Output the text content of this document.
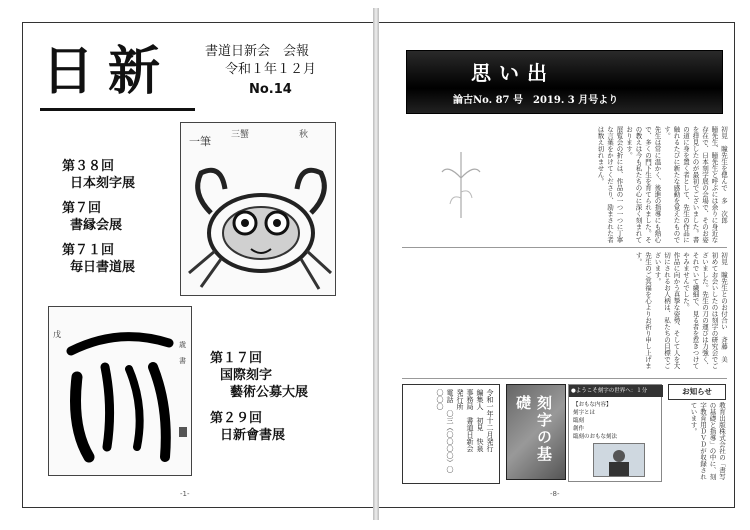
日新 書道日新会　会報
令和１年１２月
No.14
一筆 三蟹	秋
第３８回
日本刻字展
第７回
書縁会展
第７１回
毎日書道展
戊
歳
書 第１７回
国際刻字
藝術公募大展
第２９回
日新會書展
-1-
思い出
論古No. 87 号　2019. 3 月号より
初見　瞳先生を偲んで　多　次郎
瞳先生、瞳先生と呼ぶには余りに身近な存在で、日本刻字展の会場で、そのお姿を拝見したのが最初でございました。書の道に身を置く者として、先生の作品に触れるたびに新たな感動を覚えたものです。
先生は常に温かく、後進の指導にも熱心で、多くの門下生を育てられました。その教えは今も私たちの心に深く刻まれております。
展覧会の折には、作品の一つ一つに丁寧な言葉をかけてくださり、励まされた者は数え切れません。
初見　瞳先生とのお付合い　斉藤　美
初めてお会いしたのは刻字の研究会でございました。先生の刀の運びは力強く、それでいて繊細で、見る者を惹きつけてやみませんでした。
作品に向かう真摯な姿勢、そして人を大切にされるお人柄は、私たちの目標でございます。
先生のご冥福を心よりお祈り申し上げます。
令和一年十二月発行
編集人　初見　快泉
事務局　書道日新会
発行所
電話　〇三（〇〇〇〇）〇〇〇〇	刻字の基礎
●ようこそ刻字の世界へ：１分
【おもな内容】
刻字とは
臨刻
創作
臨刻のおもな刻法
お知らせ
教育出版株式会社の「書写の基礎と指導」の中に、刻字教育用ＤＶＤが収録されています。
-8-
